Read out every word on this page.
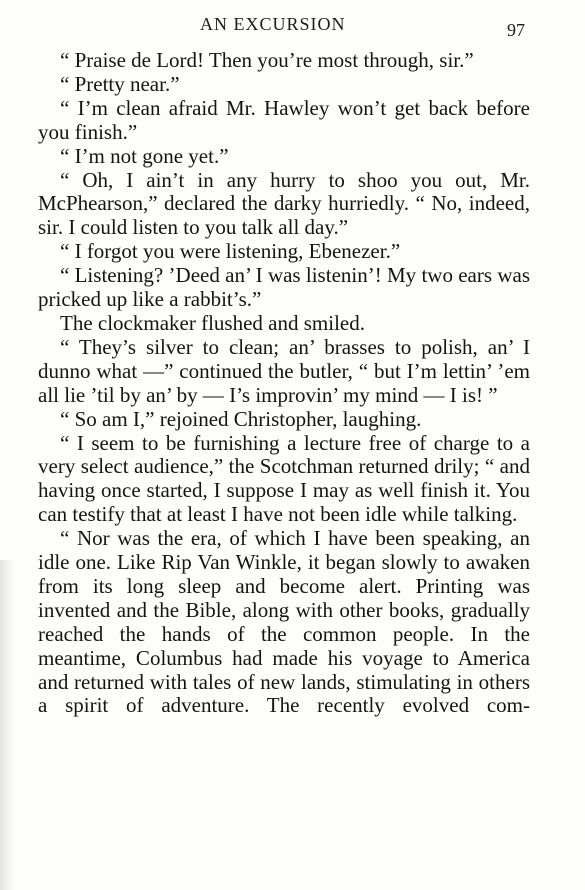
AN EXCURSION	97

“ Praise de Lord! Then you’re most through, sir.”

“ Pretty near.”

“ I’m clean afraid Mr. Hawley won’t get back before you finish.”

“ I’m not gone yet.”

“ Oh, I ain’t in any hurry to shoo you out, Mr. McPhearson,” declared the darky hurriedly. “ No, indeed, sir. I could listen to you talk all day.”

“ I forgot you were listening, Ebenezer.”

“ Listening? ’Deed an’ I was listenin’! My two ears was pricked up like a rabbit’s.”

The clockmaker flushed and smiled.

“ They’s silver to clean; an’ brasses to polish, an’ I dunno what —” continued the butler, “ but I’m lettin’ ’em all lie ’til by an’ by — I’s improvin’ my mind — I is! ”

“ So am I,” rejoined Christopher, laughing.

“ I seem to be furnishing a lecture free of charge to a very select audience,” the Scotchman returned drily; “ and having once started, I suppose I may as well finish it. You can testify that at least I have not been idle while talking.

“ Nor was the era, of which I have been speaking, an idle one. Like Rip Van Winkle, it began slowly to awaken from its long sleep and become alert. Printing was invented and the Bible, along with other books, gradually reached the hands of the common people. In the meantime, Columbus had made his voyage to America and returned with tales of new lands, stimulating in others a spirit of adventure. The recently evolved com-
